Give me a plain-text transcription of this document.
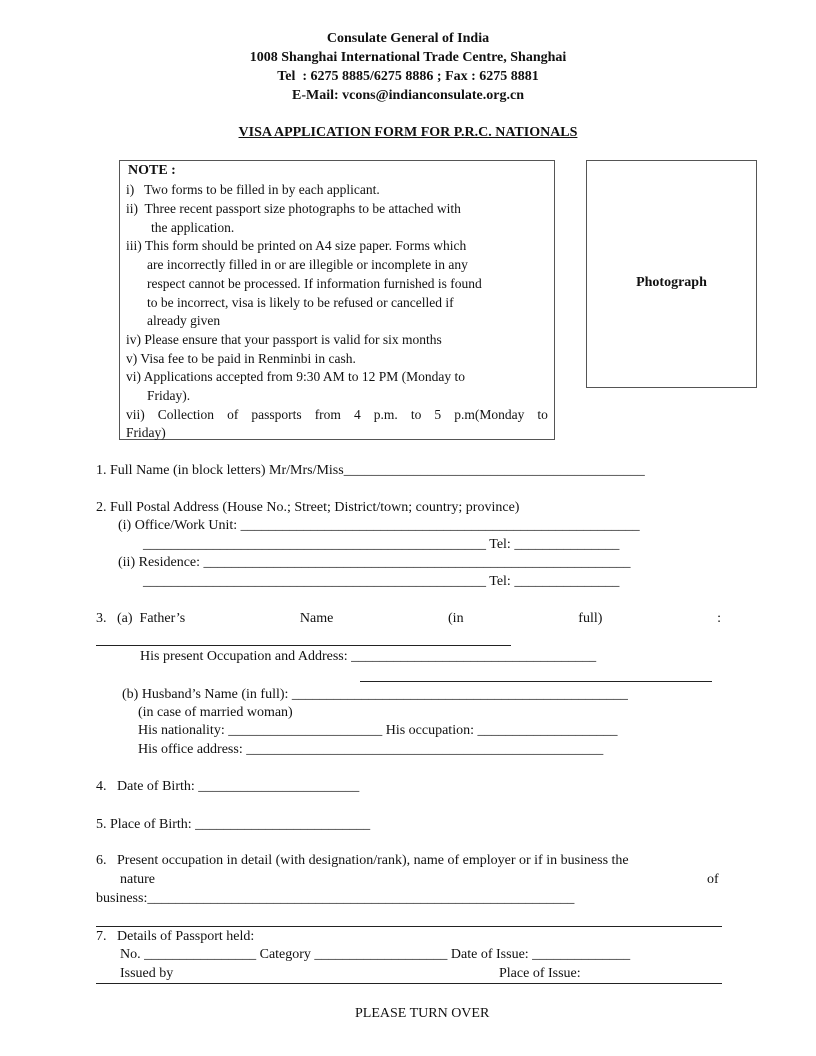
Consulate General of India
1008 Shanghai International Trade Centre, Shanghai
Tel  : 6275 8885/6275 8886 ; Fax : 6275 8881
E-Mail: vcons@indianconsulate.org.cn
VISA APPLICATION FORM FOR P.R.C. NATIONALS
NOTE :
i)   Two forms to be filled in by each applicant.
ii)  Three recent passport size photographs to be attached with
the application.
iii) This form should be printed on A4 size paper. Forms which
are incorrectly filled in or are illegible or incomplete in any
respect cannot be processed. If information furnished is found
to be incorrect, visa is likely to be refused or cancelled if
already given
iv) Please ensure that your passport is valid for six months
v) Visa fee to be paid in Renminbi in cash.
vi) Applications accepted from 9:30 AM to 12 PM (Monday to
Friday).
vii) Collection of passports from 4 p.m. to 5 p.m(Monday to
Friday)
Photograph
1. Full Name (in block letters) Mr/Mrs/Miss___________________________________________
2. Full Postal Address (House No.; Street; District/town; country; province)
(i) Office/Work Unit: _________________________________________________________
_________________________________________________ Tel: _______________
(ii) Residence: _____________________________________________________________
_________________________________________________ Tel: _______________
3.   (a)  Father’s	Name	(in	full)	:
His present Occupation and Address: ___________________________________
(b) Husband’s Name (in full): ________________________________________________
(in case of married woman)
His nationality: ______________________ His occupation: ____________________
His office address: ___________________________________________________
4.   Date of Birth: _______________________
5. Place of Birth: _________________________
6.   Present occupation in detail (with designation/rank), name of employer or if in business the
nature	of
business:_____________________________________________________________
7.   Details of Passport held:
No. ________________ Category ___________________ Date of Issue: ______________
Issued by	Place of Issue:
PLEASE TURN OVER
